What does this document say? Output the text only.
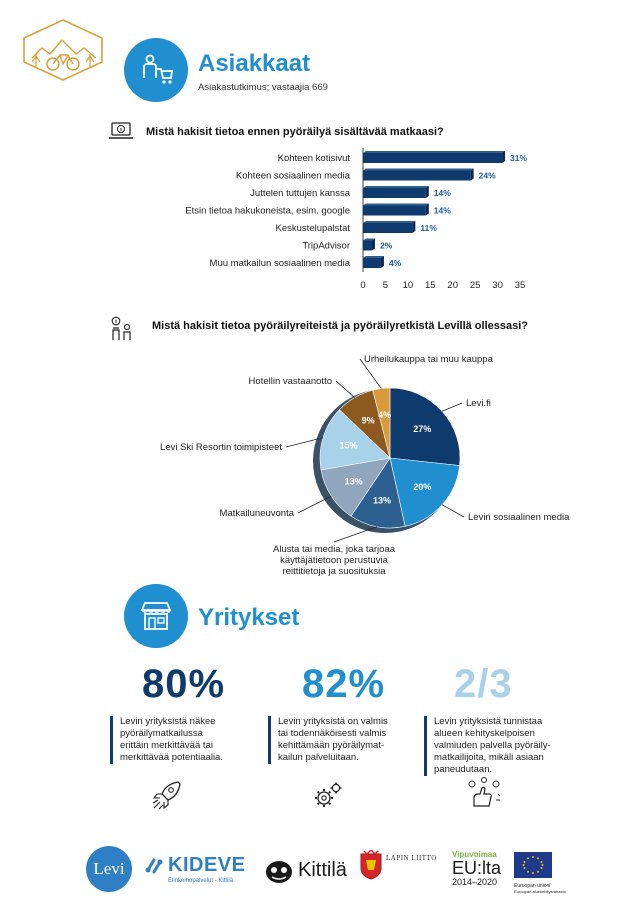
Asiakkaat
Asiakastutkimus; vastaajia 669
Mistä hakisit tietoa ennen pyöräilyä sisältävää matkaasi?
Kohteen kotisivut	31%
Kohteen sosiaalinen media	24%
Juttelen tuttujen kanssa	14%
Etsin tietoa hakukoneista, esim. google	14%
Keskustelupalstat	11%
TripAdvisor	2%
Muu matkailun sosiaalinen media	4%
0 5 10 15 20 25 30 35
Mistä hakisit tietoa pyöräilyreiteistä ja pyöräilyretkistä Levillä ollessasi?
27%
20%
13%
13%
15%
9%
4%
Levi.fi
Levin sosiaalinen media
Alusta tai media, joka tarjoaa
käyttäjätietoon perustuvia
reittitietoja ja suosituksia
Matkailuneuvonta
Levi Ski Resortin toimipisteet
Hotellin vastaanotto
Urheilukauppa tai muu kauppa
Yritykset
80%
Levin yrityksistä näkee
pyöräilymatkailussa
erittäin merkittävää tai
merkittävää potentiaalia.
82%
Levin yrityksistä on valmis
tai todennäköisesti valmis
kehittämään pyöräilymat-
kailun palveluitaan.
2/3
Levin yrityksistä tunnistaa
alueen kehityskelpoisen
valmiuden palvella pyöräily-
matkailijoita, mikäli asiaan
paneudutaan.
Levi KIDEVE
Elinkeinopalvelut - Kittilä	Kittilä
LAPIN LIITTO Vipuvoimaa
EU:lta
2014–2020	Euroopan unioni
Euroopan aluekehitysrahasto
